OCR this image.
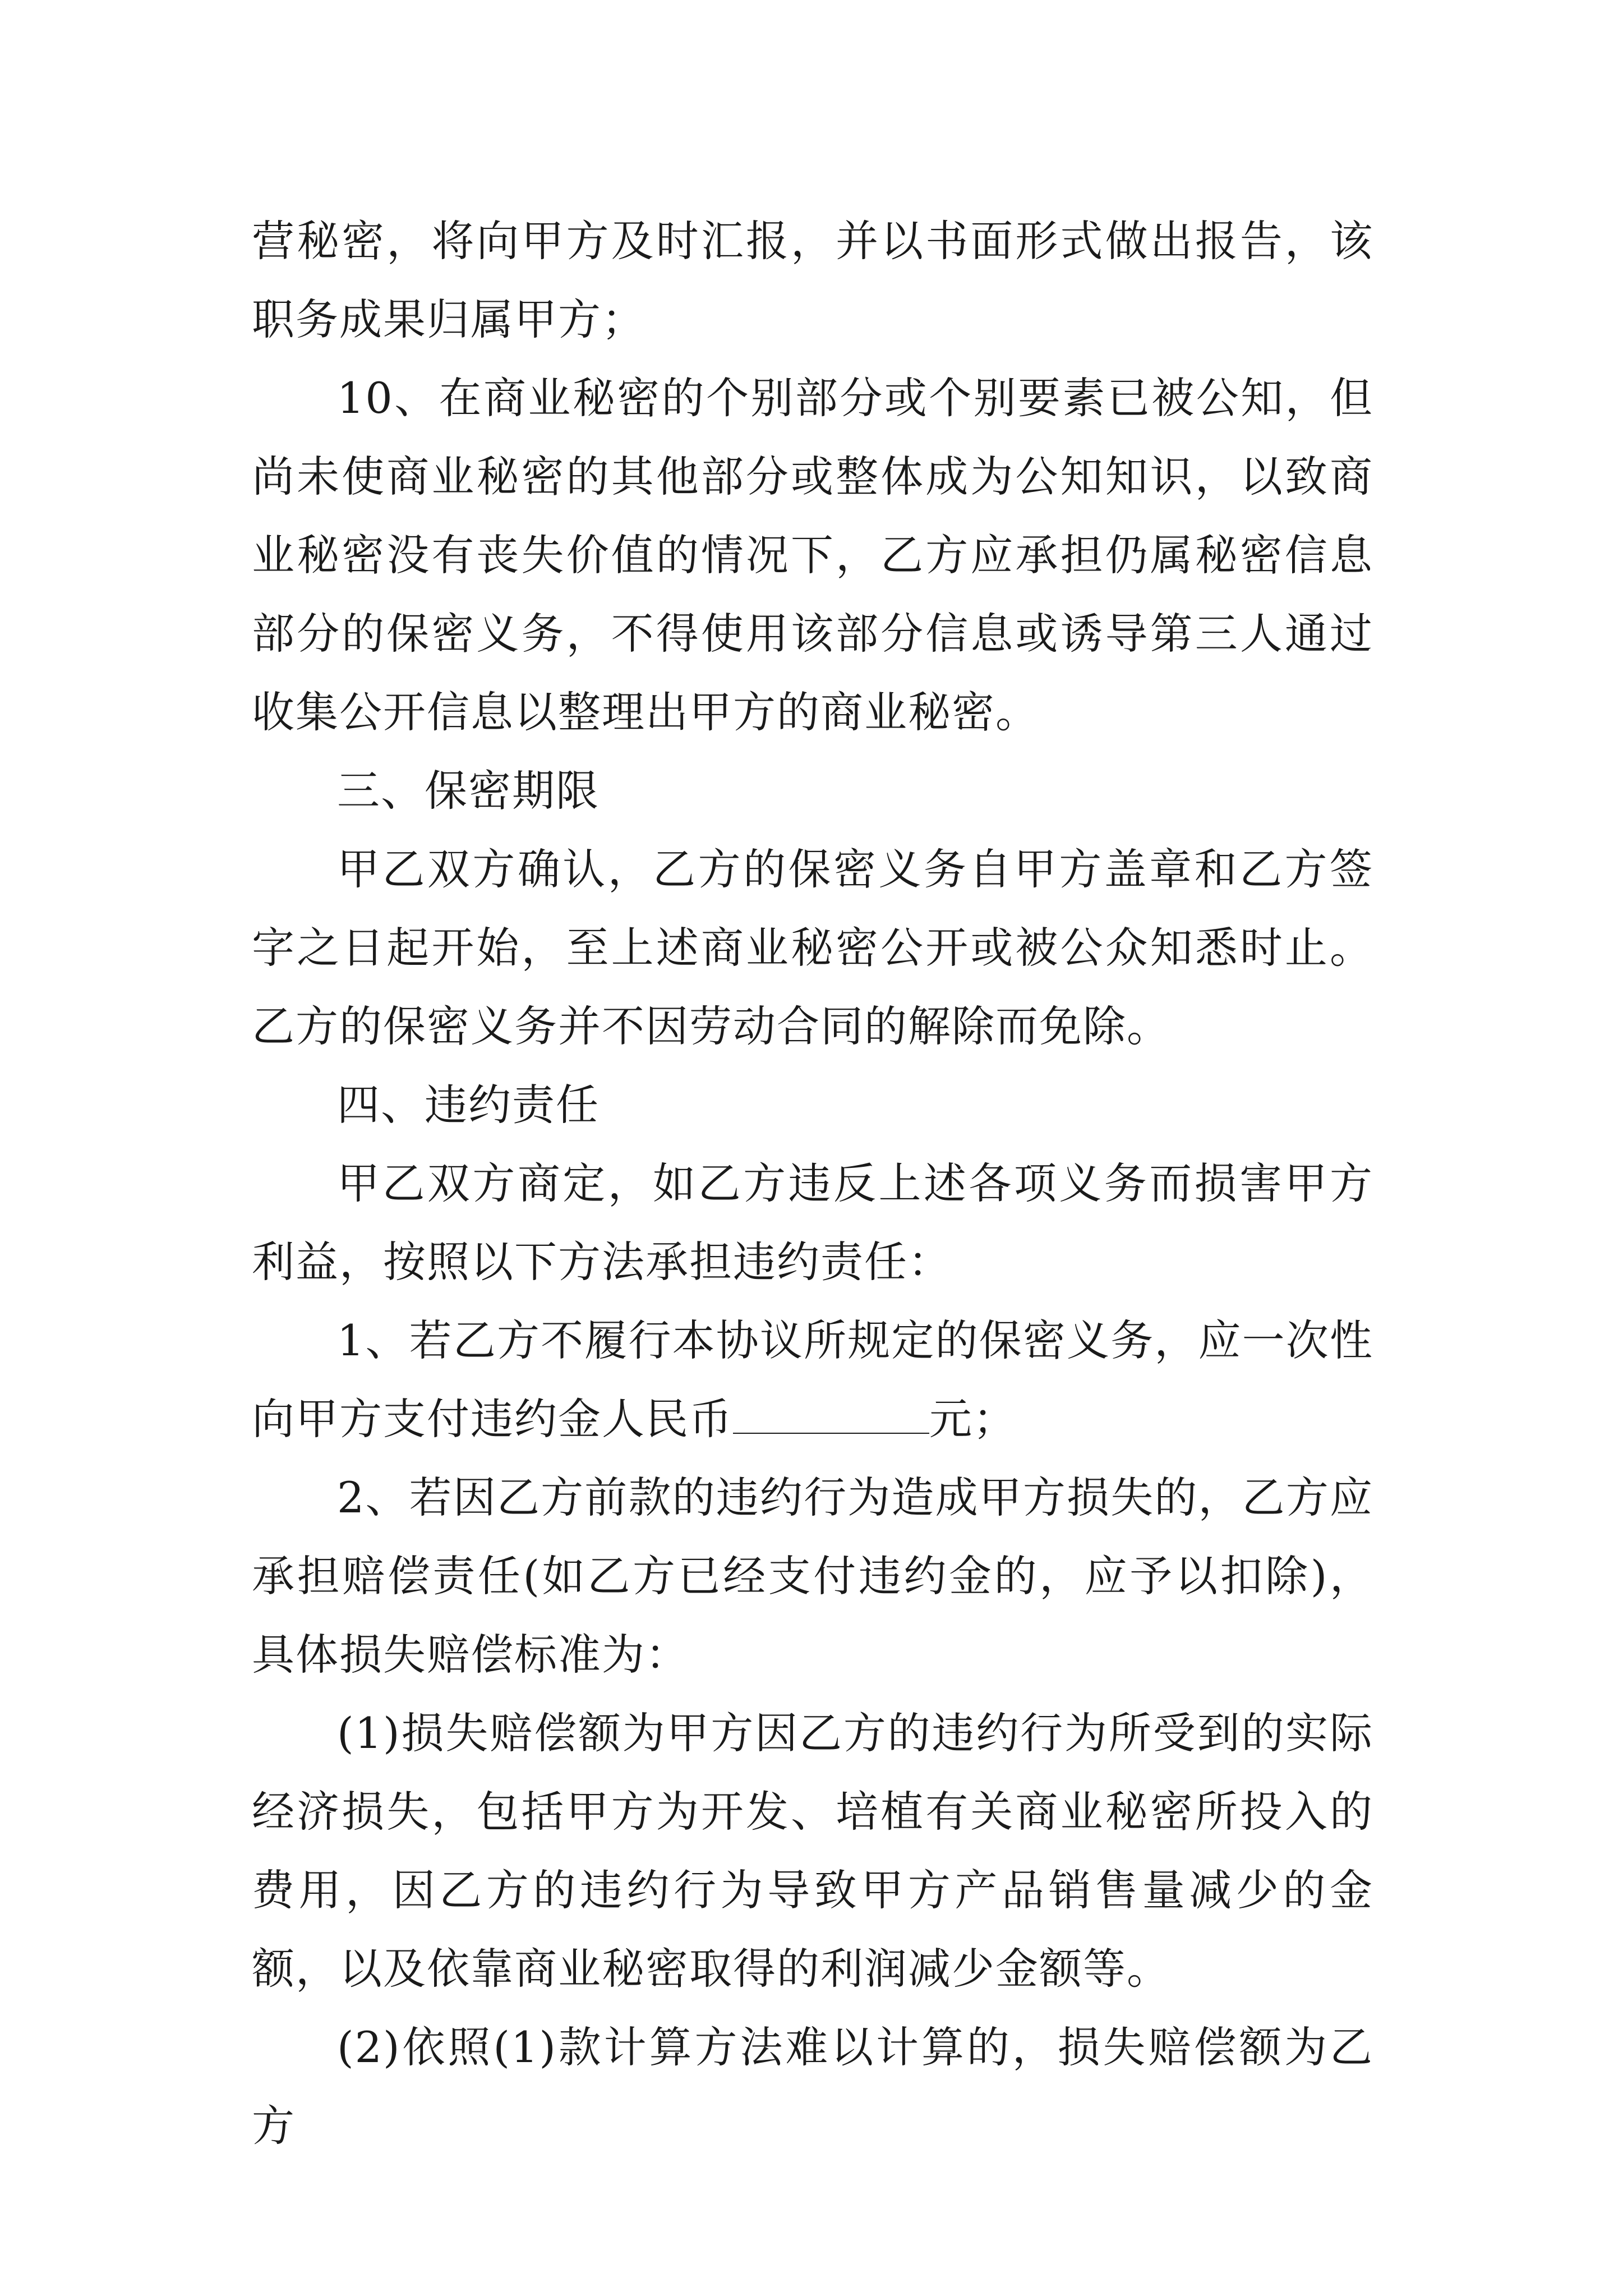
营秘密，将向甲方及时汇报，并以书面形式做出报告，该职务成果归属甲方；

10、在商业秘密的个别部分或个别要素已被公知，但尚未使商业秘密的其他部分或整体成为公知知识，以致商业秘密没有丧失价值的情况下，乙方应承担仍属秘密信息部分的保密义务，不得使用该部分信息或诱导第三人通过收集公开信息以整理出甲方的商业秘密。

三、保密期限

甲乙双方确认，乙方的保密义务自甲方盖章和乙方签字之日起开始，至上述商业秘密公开或被公众知悉时止。乙方的保密义务并不因劳动合同的解除而免除。

四、违约责任

甲乙双方商定，如乙方违反上述各项义务而损害甲方利益，按照以下方法承担违约责任：

1、若乙方不履行本协议所规定的保密义务，应一次性向甲方支付违约金人民币	元；

2、若因乙方前款的违约行为造成甲方损失的，乙方应承担赔偿责任(如乙方已经支付违约金的，应予以扣除)，具体损失赔偿标准为：

(1)损失赔偿额为甲方因乙方的违约行为所受到的实际经济损失，包括甲方为开发、培植有关商业秘密所投入的费用，因乙方的违约行为导致甲方产品销售量减少的金额，以及依靠商业秘密取得的利润减少金额等。

(2)依照(1)款计算方法难以计算的，损失赔偿额为乙方
